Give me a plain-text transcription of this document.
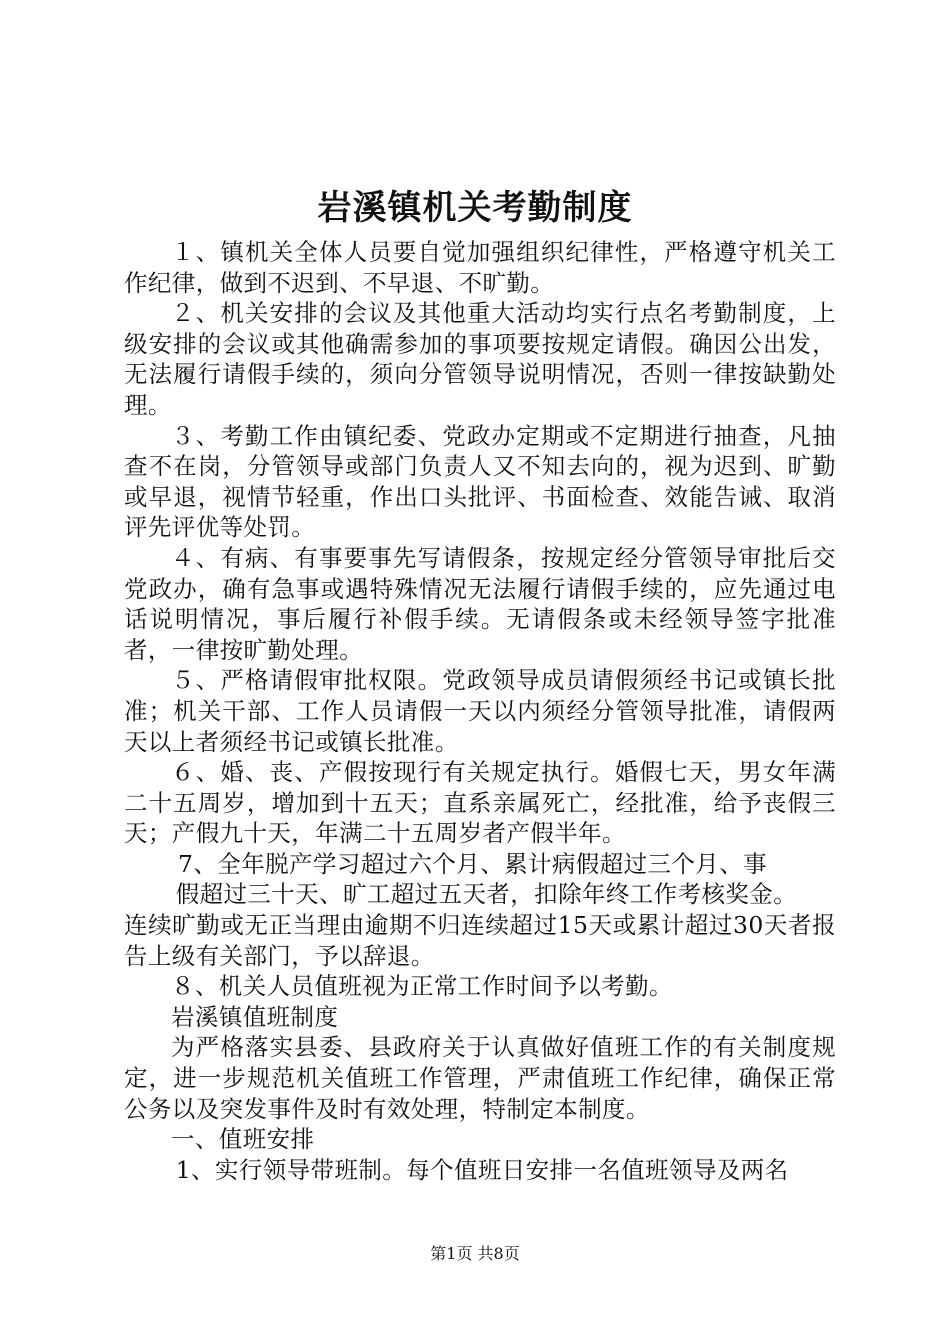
岩溪镇机关考勤制度

１、镇机关全体人员要自觉加强组织纪律性，严格遵守机关工作纪律，做到不迟到、不早退、不旷勤。

２、机关安排的会议及其他重大活动均实行点名考勤制度，上级安排的会议或其他确需参加的事项要按规定请假。确因公出发，无法履行请假手续的，须向分管领导说明情况，否则一律按缺勤处理。

３、考勤工作由镇纪委、党政办定期或不定期进行抽查，凡抽查不在岗，分管领导或部门负责人又不知去向的，视为迟到、旷勤或早退，视情节轻重，作出口头批评、书面检查、效能告诫、取消评先评优等处罚。

４、有病、有事要事先写请假条，按规定经分管领导审批后交党政办，确有急事或遇特殊情况无法履行请假手续的，应先通过电话说明情况，事后履行补假手续。无请假条或未经领导签字批准者，一律按旷勤处理。

５、严格请假审批权限。党政领导成员请假须经书记或镇长批准；机关干部、工作人员请假一天以内须经分管领导批准，请假两天以上者须经书记或镇长批准。

６、婚、丧、产假按现行有关规定执行。婚假七天，男女年满二十五周岁，增加到十五天；直系亲属死亡，经批准，给予丧假三天；产假九十天，年满二十五周岁者产假半年。

7、全年脱产学习超过六个月、累计病假超过三个月、事
假超过三十天、旷工超过五天者，扣除年终工作考核奖金。

连续旷勤或无正当理由逾期不归连续超过15天或累计超过30天者报告上级有关部门，予以辞退。

８、机关人员值班视为正常工作时间予以考勤。

岩溪镇值班制度

为严格落实县委、县政府关于认真做好值班工作的有关制度规定，进一步规范机关值班工作管理，严肃值班工作纪律，确保正常公务以及突发事件及时有效处理，特制定本制度。

一、值班安排

1、实行领导带班制。每个值班日安排一名值班领导及两名

第1页 共8页
